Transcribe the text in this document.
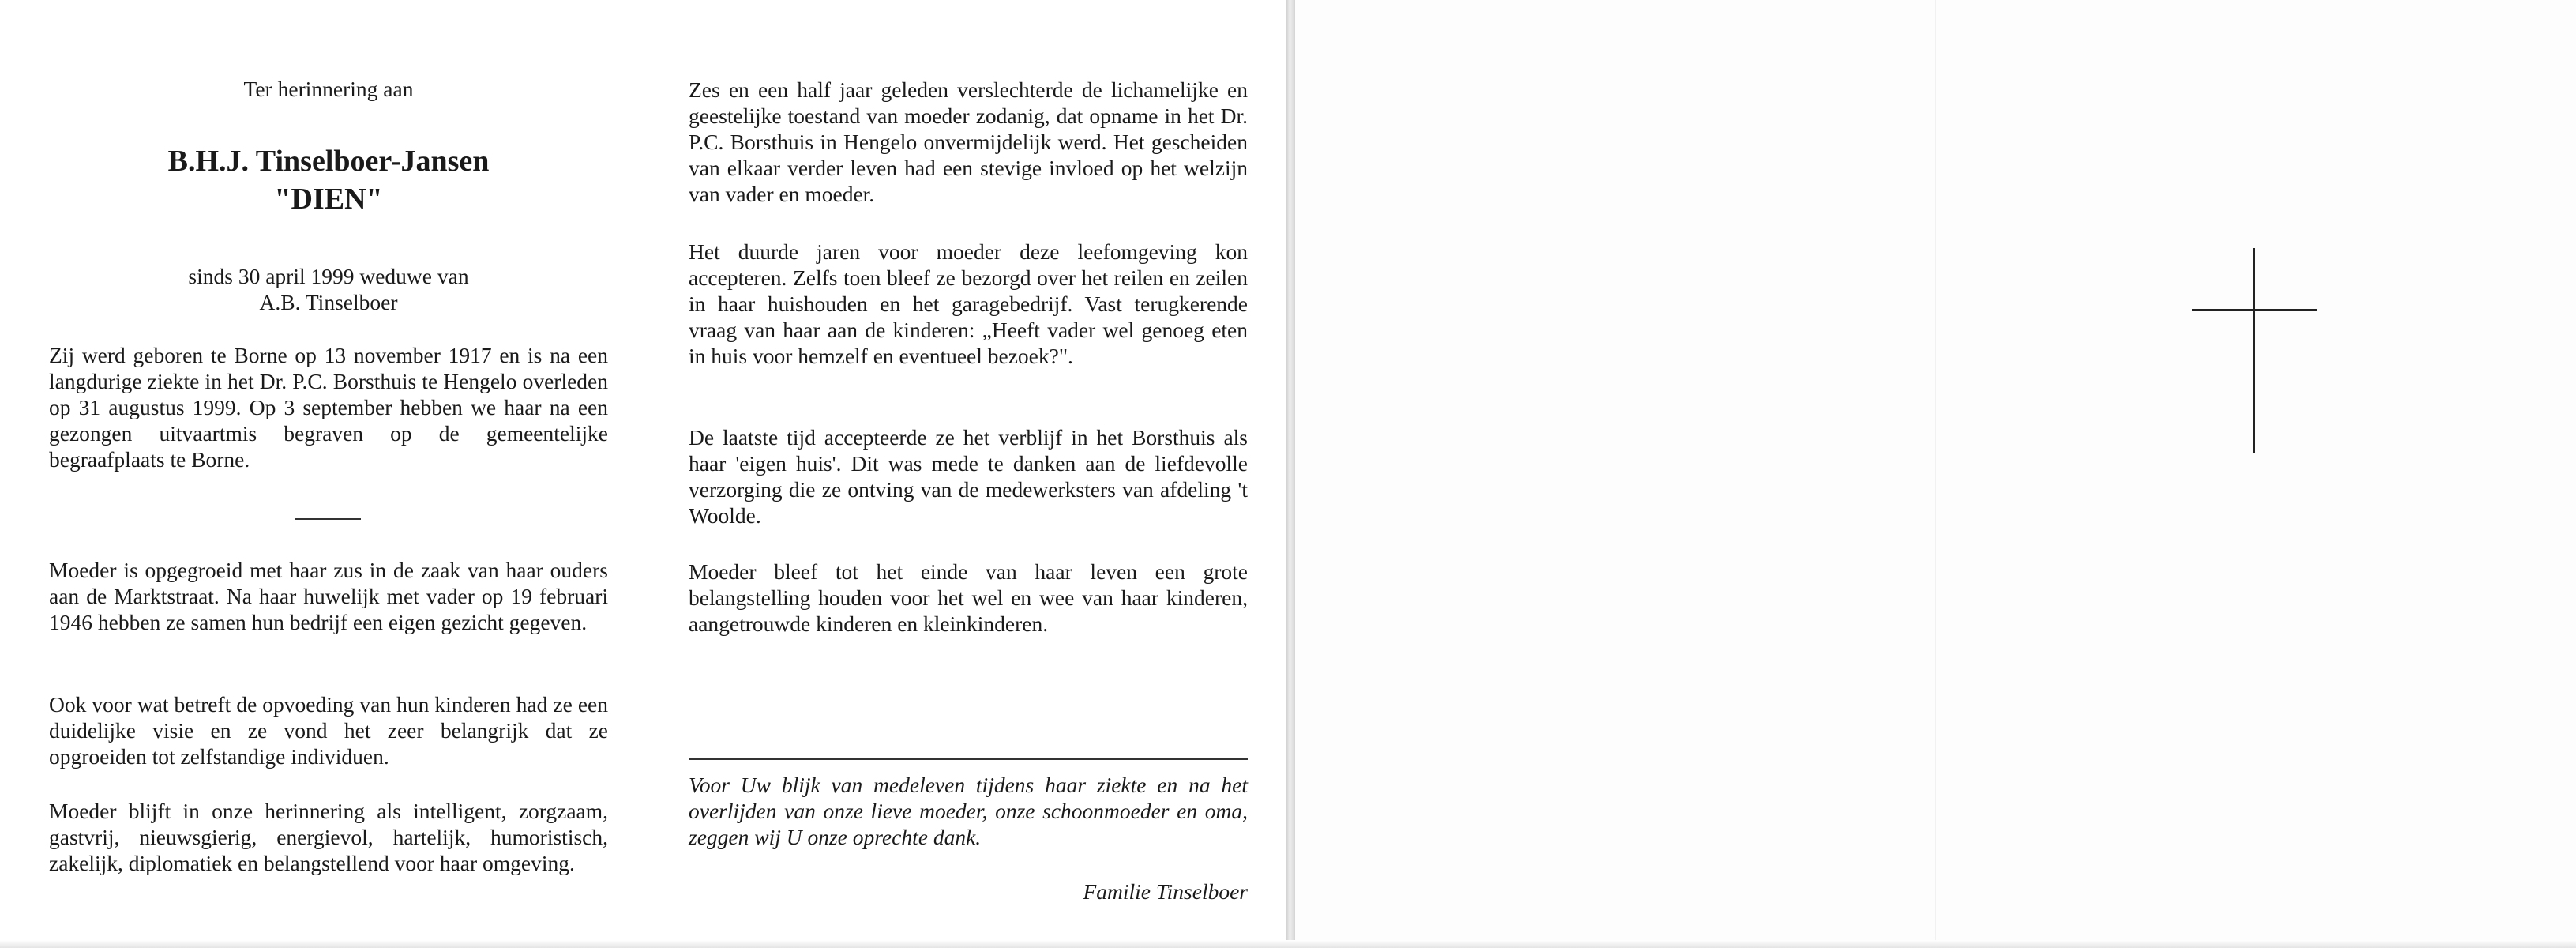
Ter herinnering aan

B.H.J. Tinselboer-Jansen

"DIEN"

sinds 30 april 1999 weduwe van

A.B. Tinselboer

Zij werd geboren te Borne op 13 november 1917 en is na een langdurige ziekte in het Dr. P.C. Borsthuis te Hengelo overleden op 31 augustus 1999. Op 3 september hebben we haar na een gezongen uitvaartmis begraven op de gemeentelijke begraafplaats te Borne.

Moeder is opgegroeid met haar zus in de zaak van haar ouders aan de Marktstraat. Na haar huwelijk met vader op 19 februari 1946 hebben ze samen hun bedrijf een eigen gezicht gegeven.

Ook voor wat betreft de opvoeding van hun kinderen had ze een duidelijke visie en ze vond het zeer belangrijk dat ze opgroeiden tot zelfstandige individuen.

Moeder blijft in onze herinnering als intelligent, zorgzaam, gastvrij, nieuwsgierig, energievol, hartelijk, humoristisch, zakelijk, diplomatiek en belangstellend voor haar omgeving.

Zes en een half jaar geleden verslechterde de lichamelijke en geestelijke toestand van moeder zodanig, dat opname in het Dr. P.C. Borsthuis in Hengelo onvermijdelijk werd. Het gescheiden van elkaar verder leven had een stevige invloed op het welzijn van vader en moeder.

Het duurde jaren voor moeder deze leefomgeving kon accepteren. Zelfs toen bleef ze bezorgd over het reilen en zeilen in haar huishouden en het garagebedrijf. Vast terugkerende vraag van haar aan de kinderen: „Heeft vader wel genoeg eten in huis voor hemzelf en eventueel bezoek?".

De laatste tijd accepteerde ze het verblijf in het Borsthuis als haar 'eigen huis'. Dit was mede te danken aan de liefdevolle verzorging die ze ontving van de medewerksters van afdeling 't Woolde.

Moeder bleef tot het einde van haar leven een grote belangstelling houden voor het wel en wee van haar kinderen, aangetrouwde kinderen en kleinkinderen.

Voor Uw blijk van medeleven tijdens haar ziekte en na het overlijden van onze lieve moeder, onze schoonmoeder en oma, zeggen wij U onze oprechte dank.

Familie Tinselboer
